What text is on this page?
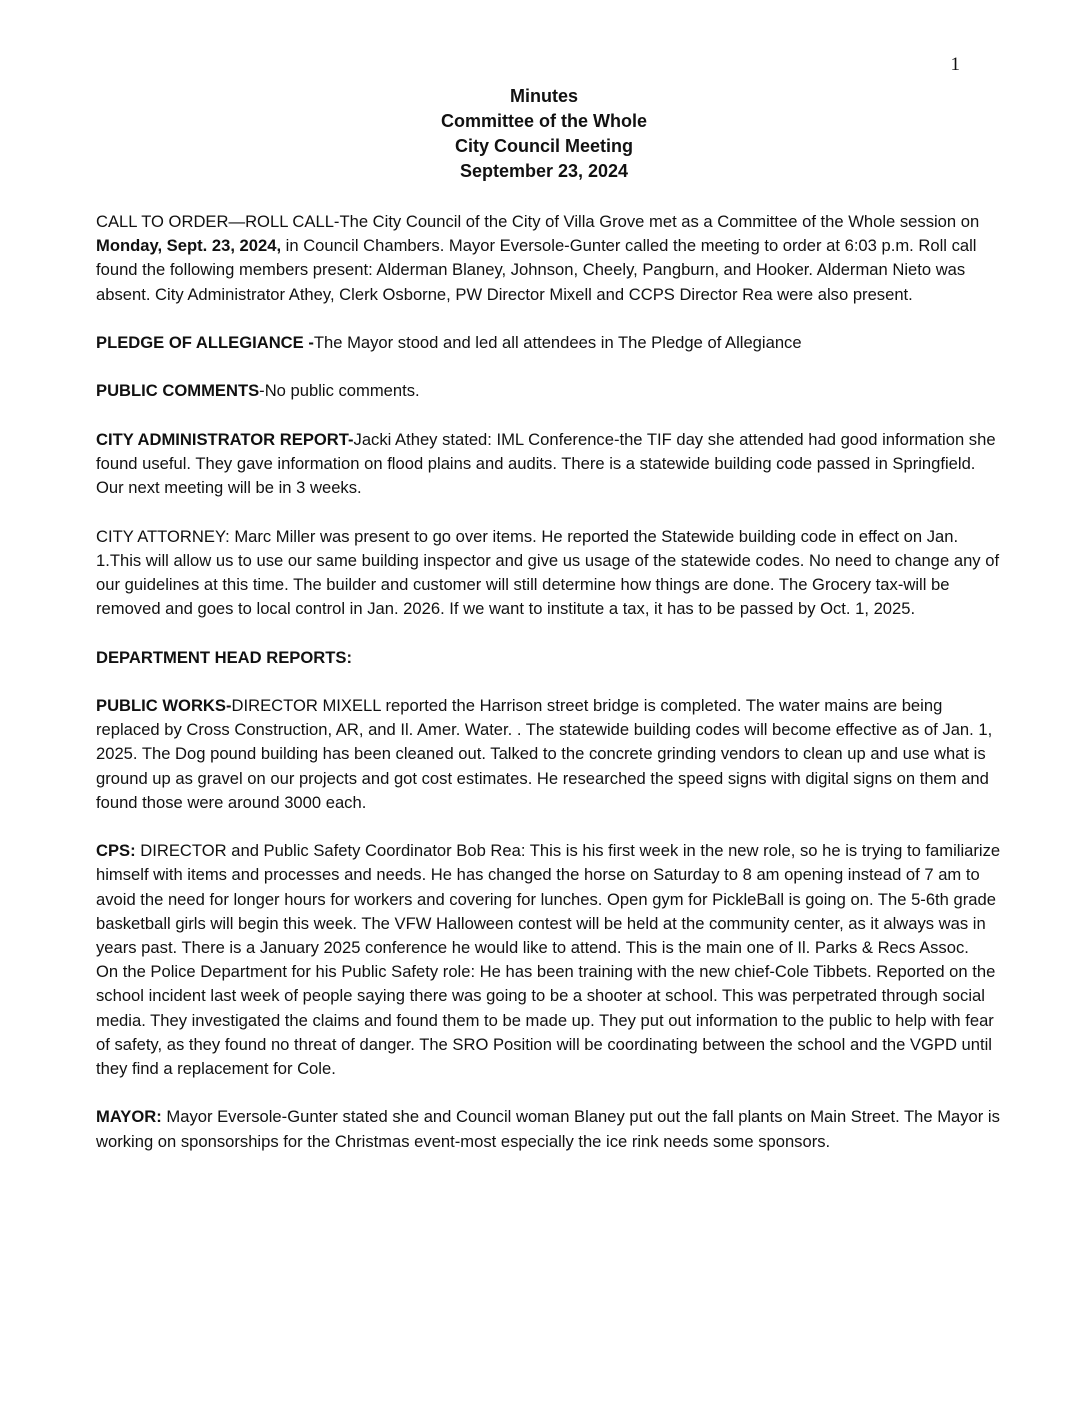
1
Minutes
Committee of the Whole
City Council Meeting
September 23, 2024

CALL TO ORDER—ROLL CALL-The City Council of the City of Villa Grove met as a Committee of the Whole session on Monday, Sept. 23, 2024, in Council Chambers. Mayor Eversole-Gunter called the meeting to order at 6:03 p.m. Roll call found the following members present: Alderman Blaney, Johnson, Cheely, Pangburn, and Hooker. Alderman Nieto was absent. City Administrator Athey, Clerk Osborne, PW Director Mixell and CCPS Director Rea were also present.

PLEDGE OF ALLEGIANCE -The Mayor stood and led all attendees in The Pledge of Allegiance

PUBLIC COMMENTS-No public comments.

CITY ADMINISTRATOR REPORT-Jacki Athey stated: IML Conference-the TIF day she attended had good information she found useful. They gave information on flood plains and audits. There is a statewide building code passed in Springfield. Our next meeting will be in 3 weeks.

CITY ATTORNEY: Marc Miller was present to go over items. He reported the Statewide building code in effect on Jan. 1.This will allow us to use our same building inspector and give us usage of the statewide codes. No need to change any of our guidelines at this time. The builder and customer will still determine how things are done. The Grocery tax-will be removed and goes to local control in Jan. 2026. If we want to institute a tax, it has to be passed by Oct. 1, 2025.

DEPARTMENT HEAD REPORTS:

PUBLIC WORKS-DIRECTOR MIXELL reported the Harrison street bridge is completed. The water mains are being replaced by Cross Construction, AR, and Il. Amer. Water. . The statewide building codes will become effective as of Jan. 1, 2025. The Dog pound building has been cleaned out. Talked to the concrete grinding vendors to clean up and use what is ground up as gravel on our projects and got cost estimates. He researched the speed signs with digital signs on them and found those were around 3000 each.

CPS: DIRECTOR and Public Safety Coordinator Bob Rea: This is his first week in the new role, so he is trying to familiarize himself with items and processes and needs. He has changed the horse on Saturday to 8 am opening instead of 7 am to avoid the need for longer hours for workers and covering for lunches. Open gym for PickleBall is going on. The 5-6th grade basketball girls will begin this week. The VFW Halloween contest will be held at the community center, as it always was in years past. There is a January 2025 conference he would like to attend. This is the main one of Il. Parks & Recs Assoc.

On the Police Department for his Public Safety role: He has been training with the new chief-Cole Tibbets. Reported on the school incident last week of people saying there was going to be a shooter at school. This was perpetrated through social media. They investigated the claims and found them to be made up. They put out information to the public to help with fear of safety, as they found no threat of danger. The SRO Position will be coordinating between the school and the VGPD until they find a replacement for Cole.

MAYOR: Mayor Eversole-Gunter stated she and Council woman Blaney put out the fall plants on Main Street. The Mayor is working on sponsorships for the Christmas event-most especially the ice rink needs some sponsors.
